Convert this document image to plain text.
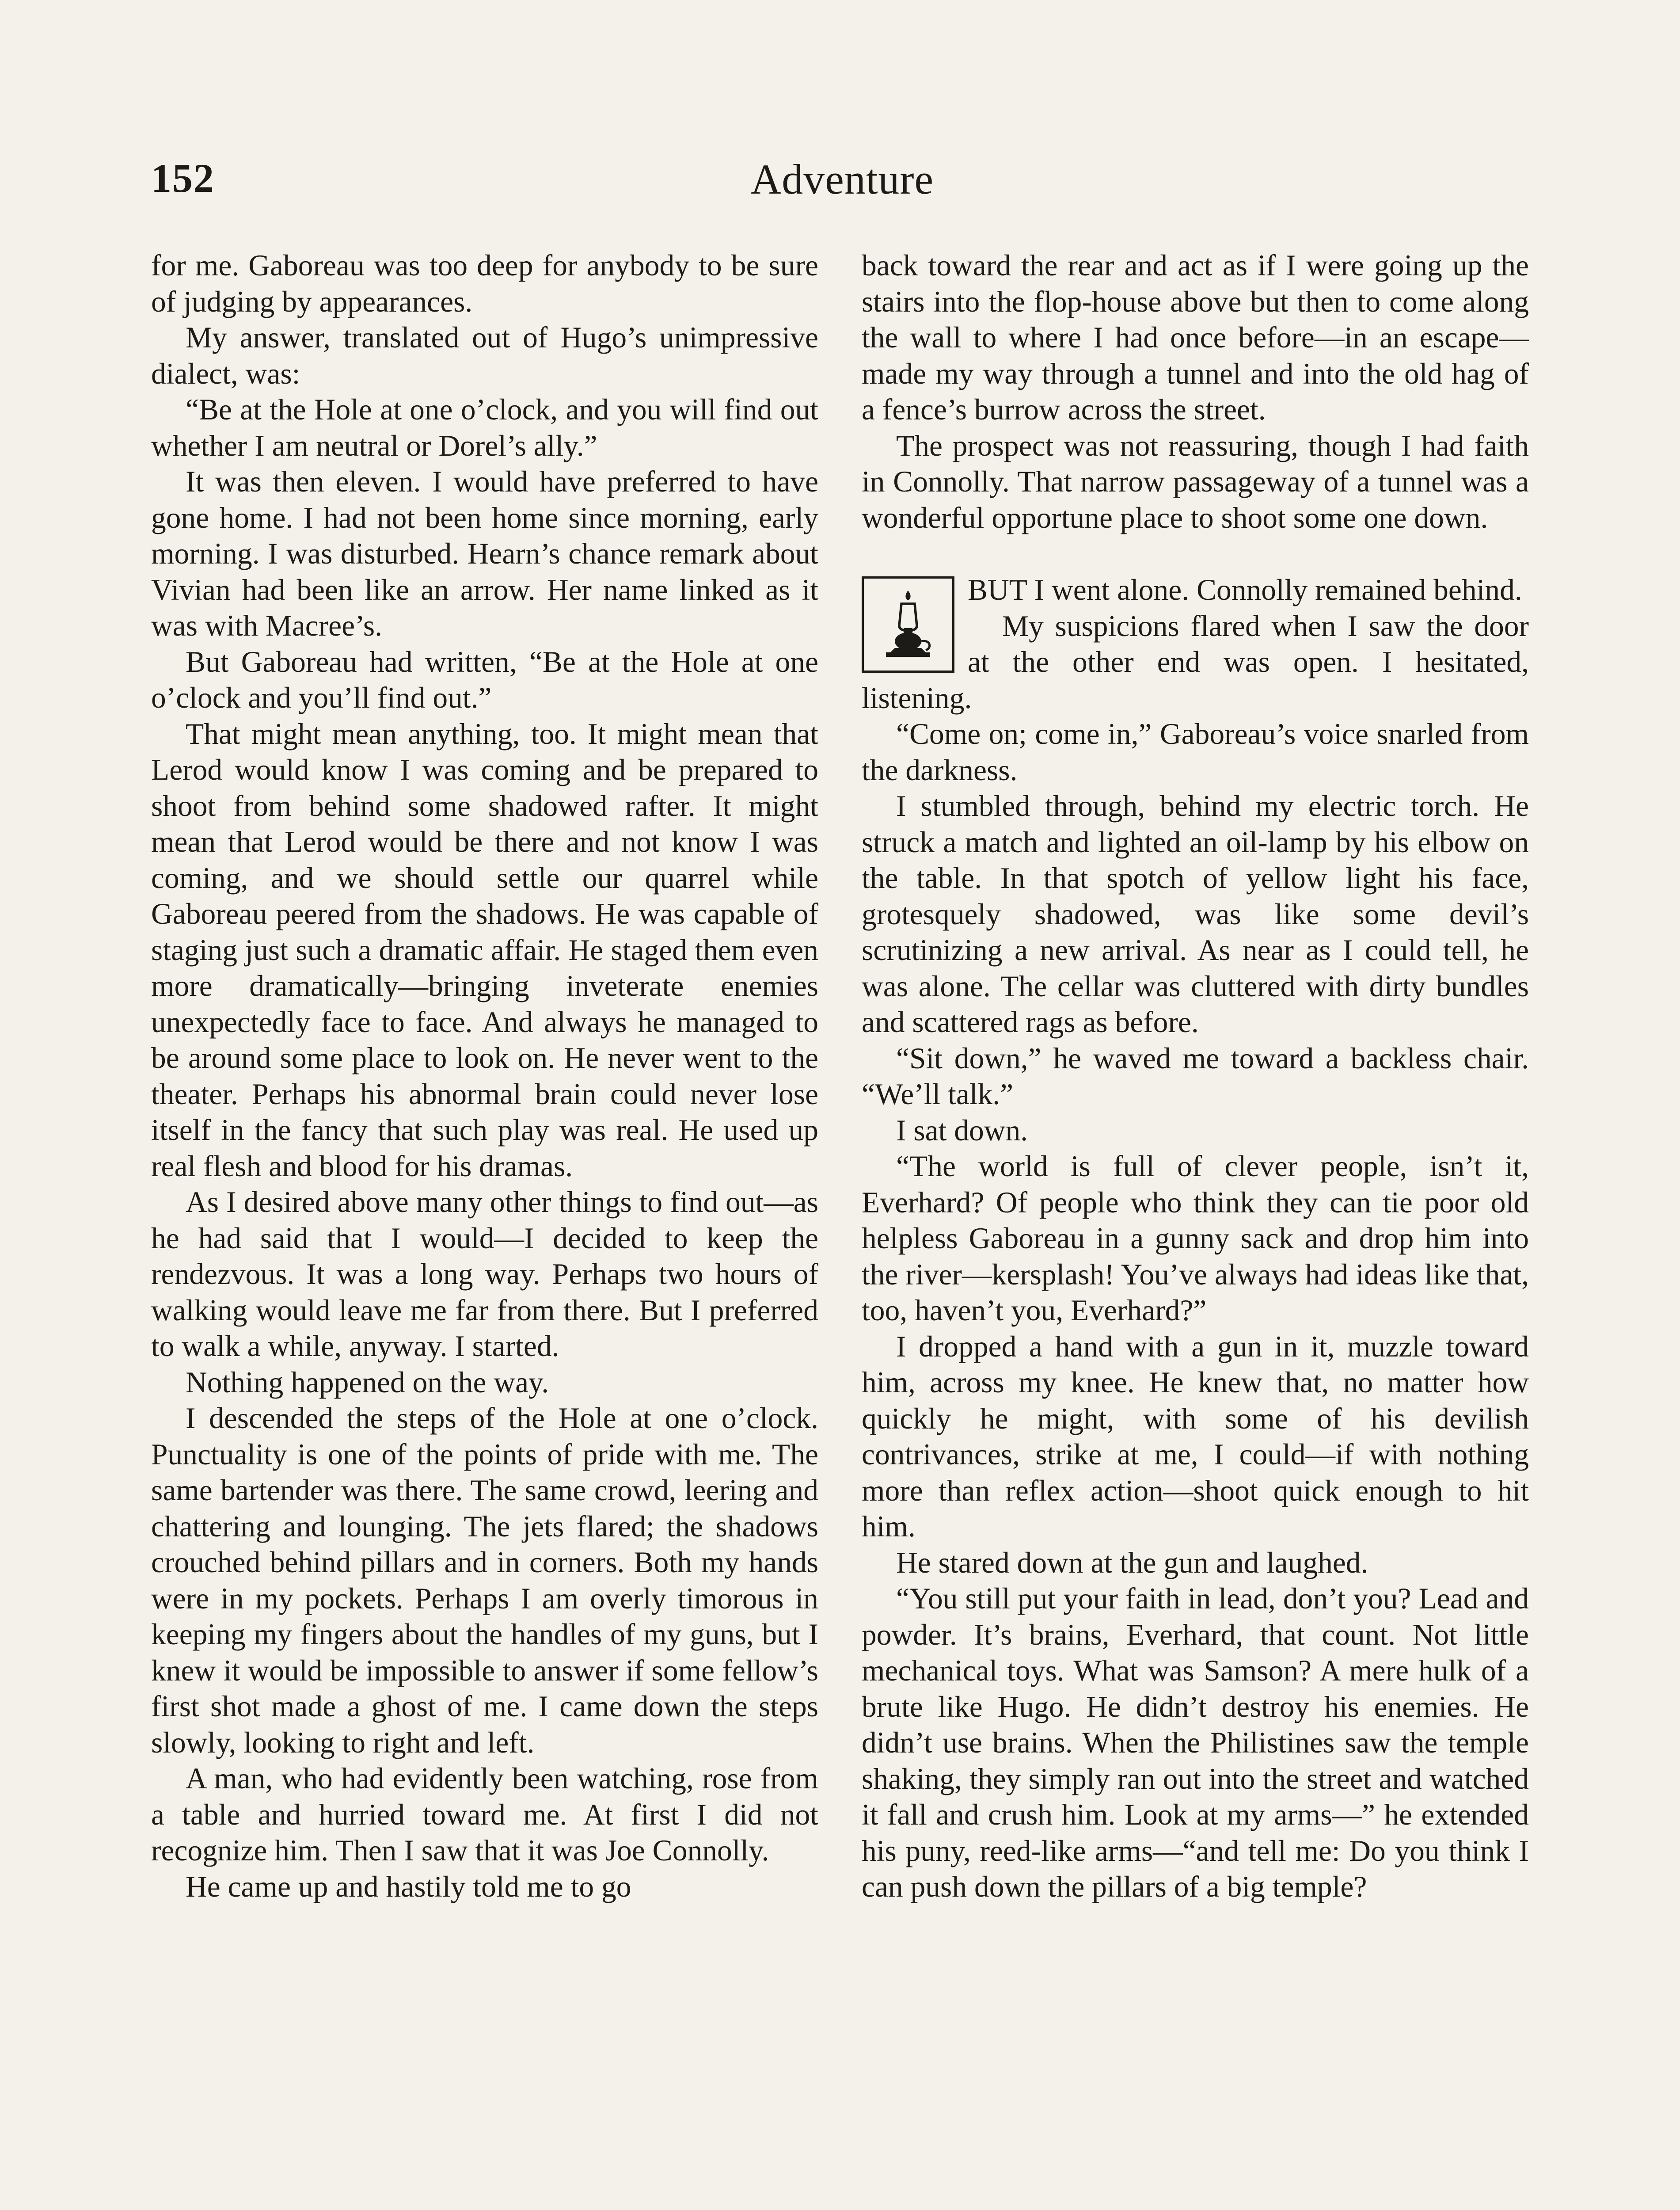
152	Adventure

for me. Gaboreau was too deep for anybody to be sure of judging by appearances.

My answer, translated out of Hugo’s unimpressive dialect, was:

“Be at the Hole at one o’clock, and you will find out whether I am neutral or Dorel’s ally.”

It was then eleven. I would have preferred to have gone home. I had not been home since morning, early morning. I was disturbed. Hearn’s chance remark about Vivian had been like an arrow. Her name linked as it was with Macree’s.

But Gaboreau had written, “Be at the Hole at one o’clock and you’ll find out.”

That might mean anything, too. It might mean that Lerod would know I was coming and be prepared to shoot from behind some shadowed rafter. It might mean that Lerod would be there and not know I was coming, and we should settle our quarrel while Gaboreau peered from the shadows. He was capable of staging just such a dramatic affair. He staged them even more dramatically—bringing inveterate enemies unexpectedly face to face. And always he managed to be around some place to look on. He never went to the theater. Perhaps his abnormal brain could never lose itself in the fancy that such play was real. He used up real flesh and blood for his dramas.

As I desired above many other things to find out—as he had said that I would—I decided to keep the rendezvous. It was a long way. Perhaps two hours of walking would leave me far from there. But I preferred to walk a while, anyway. I started.

Nothing happened on the way.

I descended the steps of the Hole at one o’clock. Punctuality is one of the points of pride with me. The same bartender was there. The same crowd, leering and chattering and lounging. The jets flared; the shadows crouched behind pillars and in corners. Both my hands were in my pockets. Perhaps I am overly timorous in keeping my fingers about the handles of my guns, but I knew it would be impossible to answer if some fellow’s first shot made a ghost of me. I came down the steps slowly, looking to right and left.

A man, who had evidently been watching, rose from a table and hurried toward me. At first I did not recognize him. Then I saw that it was Joe Connolly.

He came up and hastily told me to go

back toward the rear and act as if I were going up the stairs into the flop-house above but then to come along the wall to where I had once before—in an escape—made my way through a tunnel and into the old hag of a fence’s burrow across the street.

The prospect was not reassuring, though I had faith in Connolly. That narrow passageway of a tunnel was a wonderful opportune place to shoot some one down.

BUT I went alone. Connolly remained behind.

My suspicions flared when I saw the door at the other end was open. I hesitated, listening.

“Come on; come in,” Gaboreau’s voice snarled from the darkness.

I stumbled through, behind my electric torch. He struck a match and lighted an oil-lamp by his elbow on the table. In that spotch of yellow light his face, grotesquely shadowed, was like some devil’s scrutinizing a new arrival. As near as I could tell, he was alone. The cellar was cluttered with dirty bundles and scattered rags as before.

“Sit down,” he waved me toward a backless chair. “We’ll talk.”

I sat down.

“The world is full of clever people, isn’t it, Everhard? Of people who think they can tie poor old helpless Gaboreau in a gunny sack and drop him into the river—kersplash! You’ve always had ideas like that, too, haven’t you, Everhard?”

I dropped a hand with a gun in it, muzzle toward him, across my knee. He knew that, no matter how quickly he might, with some of his devilish contrivances, strike at me, I could—if with nothing more than reflex action—shoot quick enough to hit him.

He stared down at the gun and laughed.

“You still put your faith in lead, don’t you? Lead and powder. It’s brains, Everhard, that count. Not little mechanical toys. What was Samson? A mere hulk of a brute like Hugo. He didn’t destroy his enemies. He didn’t use brains. When the Philistines saw the temple shaking, they simply ran out into the street and watched it fall and crush him. Look at my arms—” he extended his puny, reed-like arms—“and tell me: Do you think I can push down the pillars of a big temple?
